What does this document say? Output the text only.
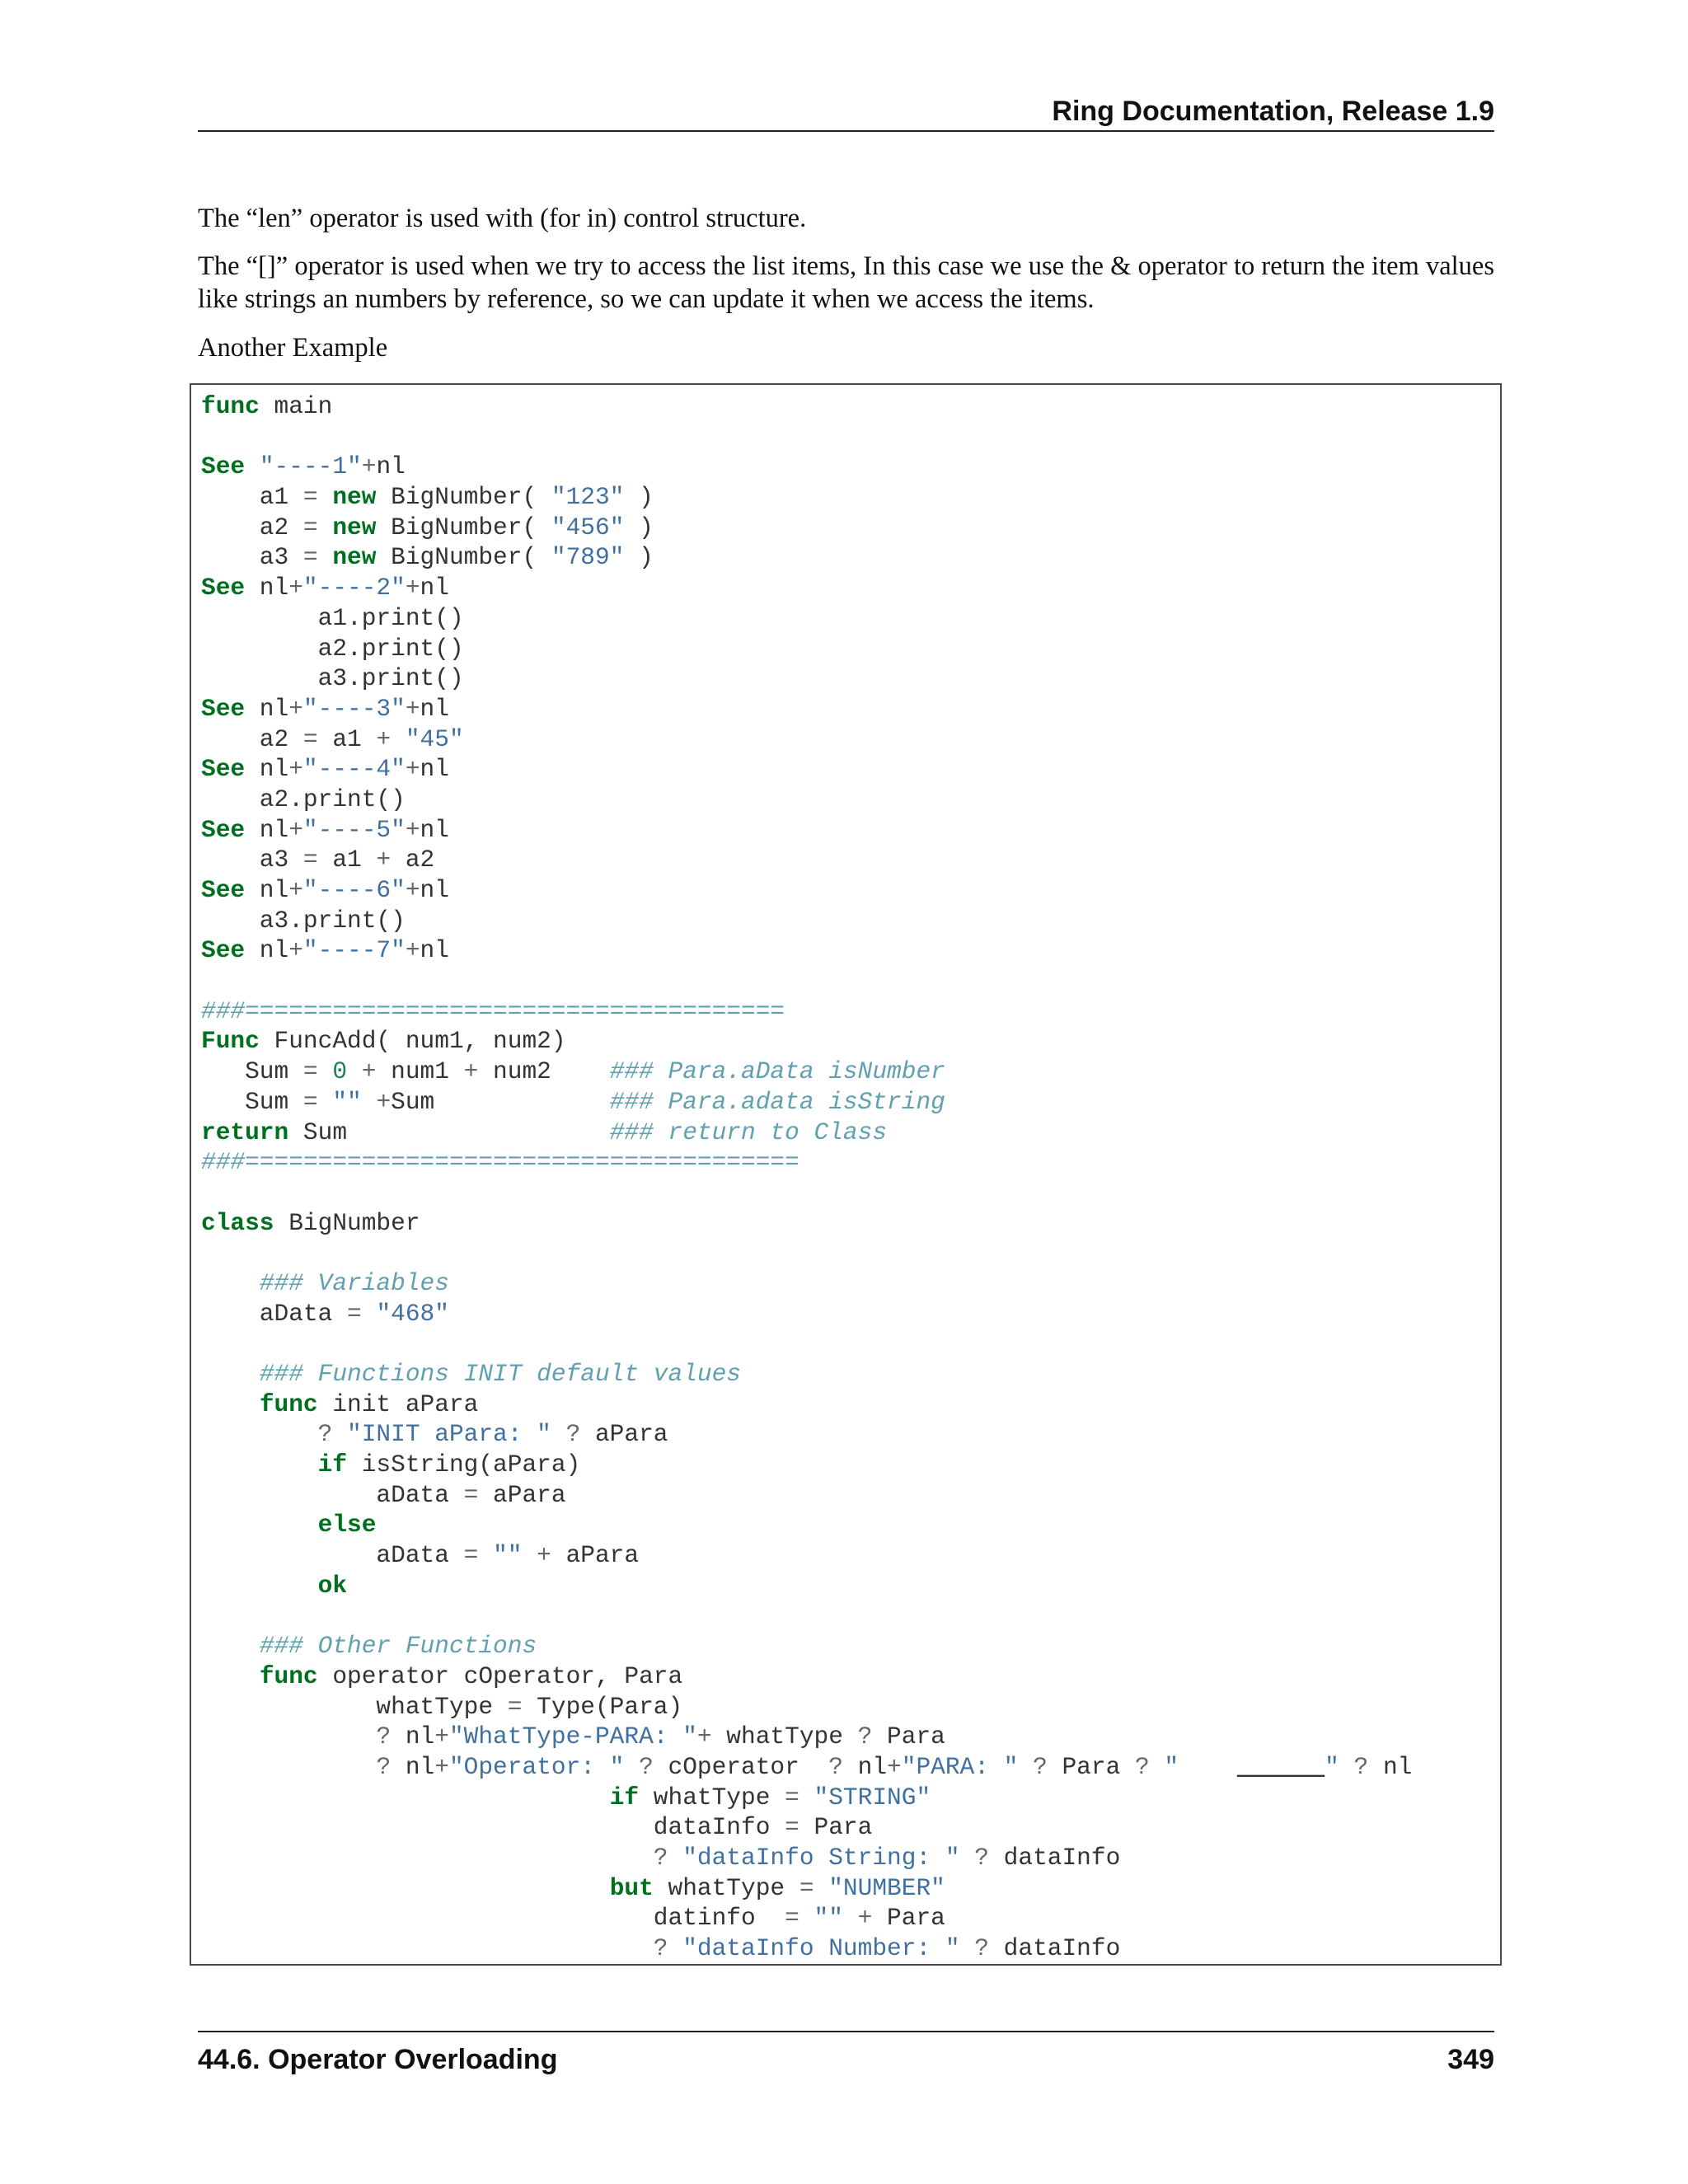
Ring Documentation, Release 1.9

The “len” operator is used with (for in) control structure.

The “[]” operator is used when we try to access the list items, In this case we use the & operator to return the item values like strings an numbers by reference, so we can update it when we access the items.

Another Example

func main
See "----1"+nl
a1 = new BigNumber( "123" )
a2 = new BigNumber( "456" )
a3 = new BigNumber( "789" )
See nl+"----2"+nl
a1.print()
a2.print()
a3.print()
See nl+"----3"+nl
a2 = a1 + "45"
See nl+"----4"+nl
a2.print()
See nl+"----5"+nl
a3 = a1 + a2
See nl+"----6"+nl
a3.print()
See nl+"----7"+nl
###=====================================
Func FuncAdd( num1, num2)
Sum = 0 + num1 + num2    ### Para.aData isNumber
Sum = "" +Sum            ### Para.adata isString
return Sum                  ### return to Class
###======================================
class BigNumber
### Variables
aData = "468"
### Functions INIT default values
func init aPara
? "INIT aPara: " ? aPara
if isString(aPara)
aData = aPara
else
aData = "" + aPara
ok
### Other Functions
func operator cOperator, Para
whatType = Type(Para)
? nl+"WhatType-PARA: "+ whatType ? Para
? nl+"Operator: " ? cOperator  ? nl+"PARA: " ? Para ? "    ______" ? nl
if whatType = "STRING"
dataInfo = Para
? "dataInfo String: " ? dataInfo
but whatType = "NUMBER"
datinfo  = "" + Para
? "dataInfo Number: " ? dataInfo
44.6. Operator Overloading	349
